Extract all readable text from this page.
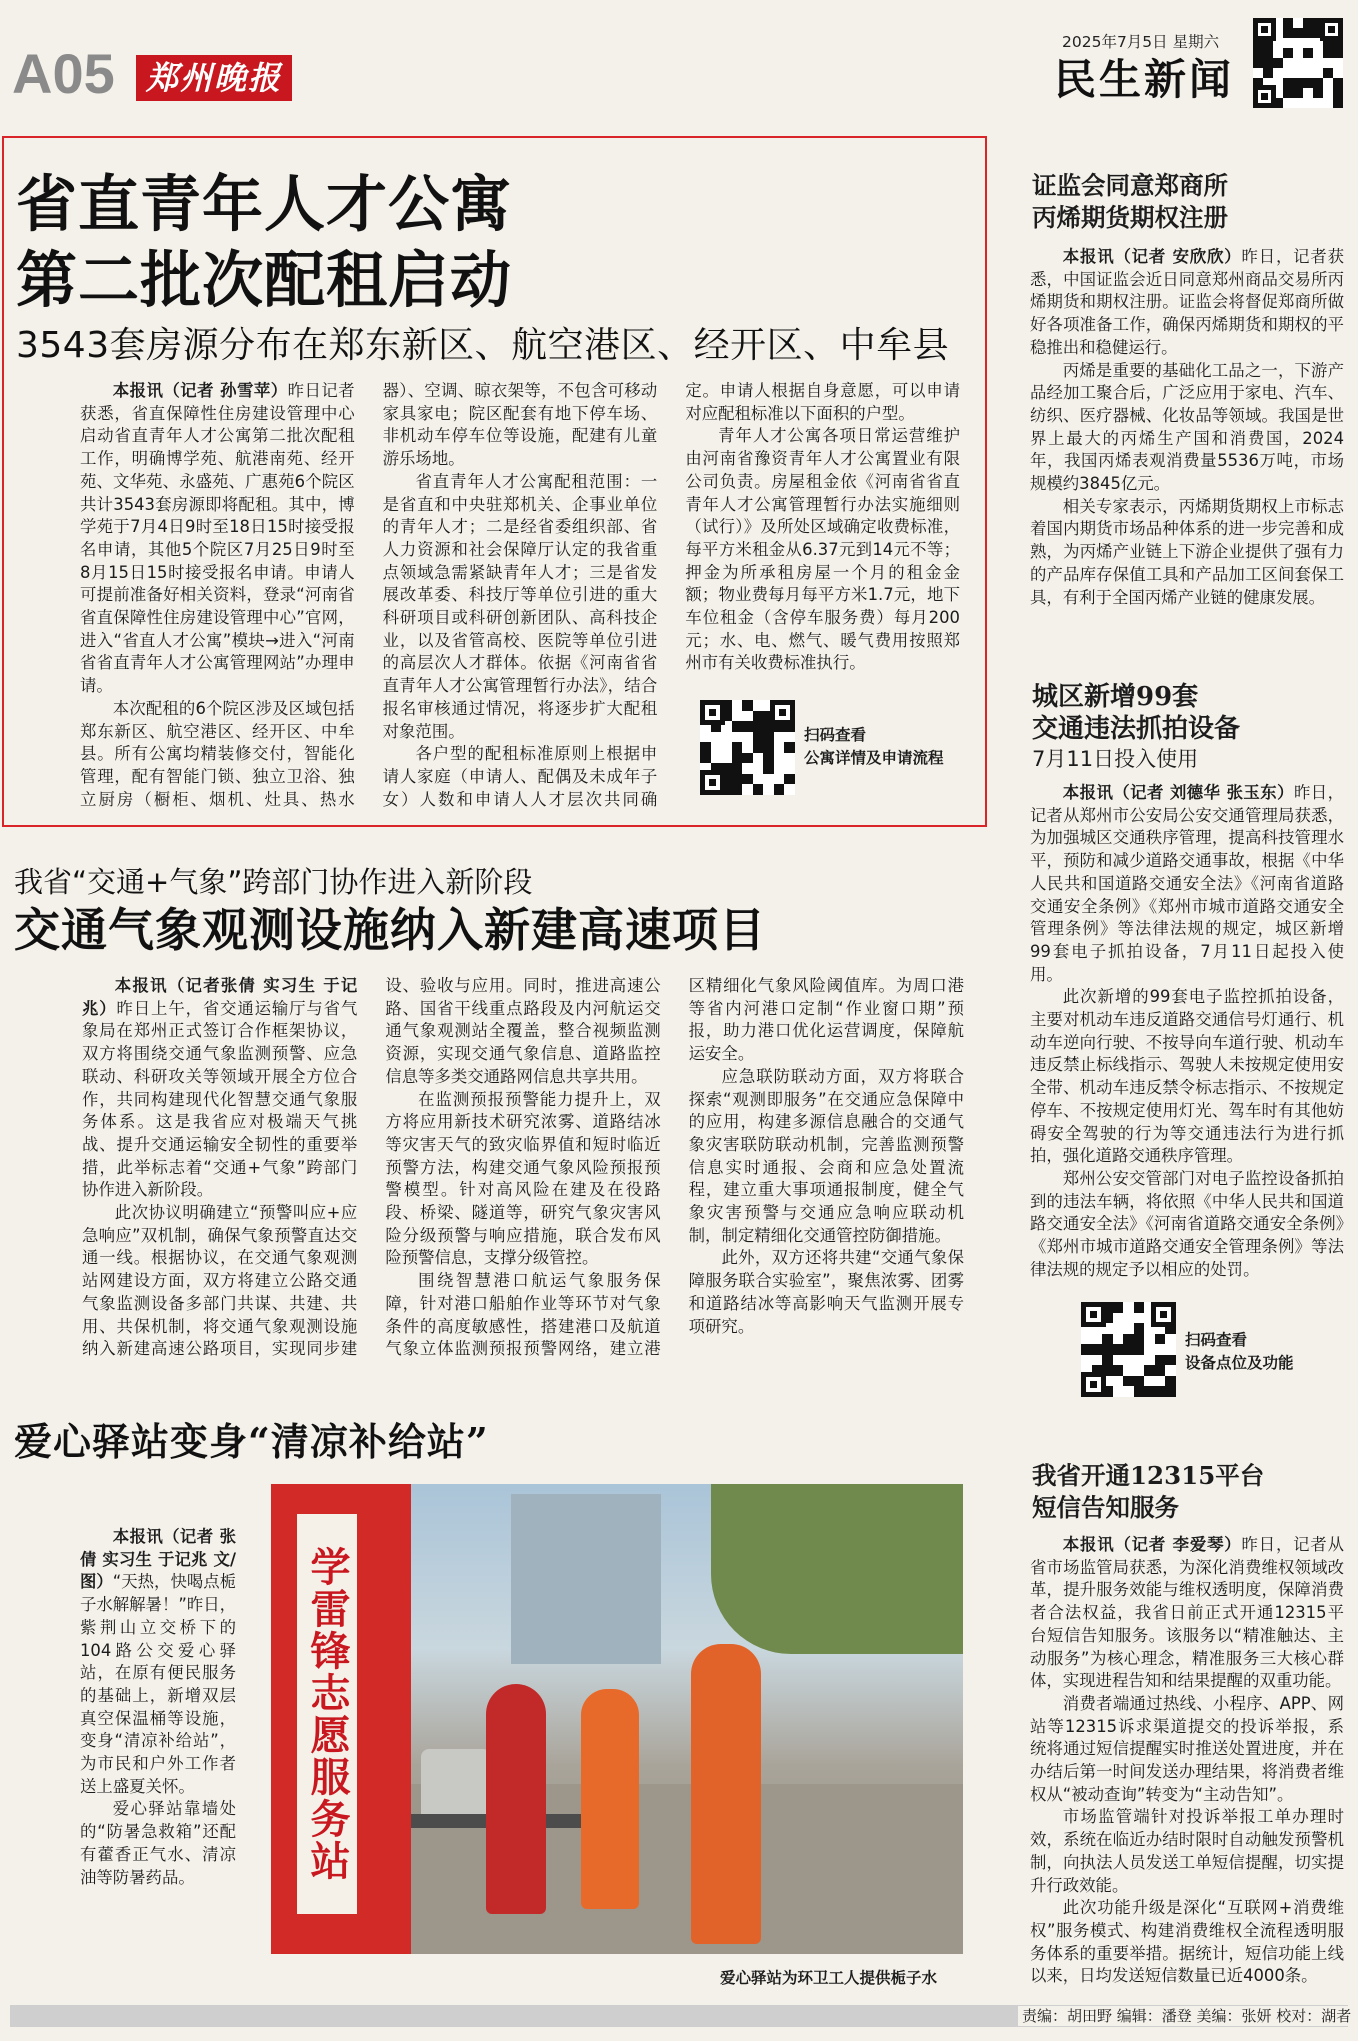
A05 郑州晚报
2025年7月5日 星期六
民生新闻
省直青年人才公寓
第二批次配租启动
3543套房源分布在郑东新区、航空港区、经开区、中牟县

本报讯（记者 孙雪苹）昨日记者获悉，省直保障性住房建设管理中心启动省直青年人才公寓第二批次配租工作，明确博学苑、航港南苑、经开苑、文华苑、永盛苑、广惠苑6个院区共计3543套房源即将配租。其中，博学苑于7月4日9时至18日15时接受报名申请，其他5个院区7月25日9时至8月15日15时接受报名申请。申请人可提前准备好相关资料，登录“河南省省直保障性住房建设管理中心”官网，进入“省直人才公寓”模块→进入“河南省省直青年人才公寓管理网站”办理申请。

本次配租的6个院区涉及区域包括郑东新区、航空港区、经开区、中牟县。所有公寓均精装修交付，智能化管理，配有智能门锁、独立卫浴、独立厨房（橱柜、烟机、灶具、热水器）、空调、晾衣架等，不包含可移动家具家电；院区配套有地下停车场、非机动车停车位等设施，配建有儿童游乐场地。

省直青年人才公寓配租范围：一是省直和中央驻郑机关、企事业单位的青年人才；二是经省委组织部、省人力资源和社会保障厅认定的我省重点领域急需紧缺青年人才；三是省发展改革委、科技厅等单位引进的重大科研项目或科研创新团队、高科技企业，以及省管高校、医院等单位引进的高层次人才群体。依据《河南省省直青年人才公寓管理暂行办法》，结合报名审核通过情况，将逐步扩大配租对象范围。

各户型的配租标准原则上根据申请人家庭（申请人、配偶及未成年子女）人数和申请人人才层次共同确定。申请人根据自身意愿，可以申请对应配租标准以下面积的户型。

青年人才公寓各项日常运营维护由河南省豫资青年人才公寓置业有限公司负责。房屋租金依《河南省省直青年人才公寓管理暂行办法实施细则（试行）》及所处区域确定收费标准，每平方米租金从6.37元到14元不等；押金为所承租房屋一个月的租金金额；物业费每月每平方米1.7元，地下车位租金（含停车服务费）每月200元；水、电、燃气、暖气费用按照郑州市有关收费标准执行。

扫码查看
公寓详情及申请流程
我省“交通+气象”跨部门协作进入新阶段
交通气象观测设施纳入新建高速项目

本报讯（记者张倩 实习生 于记兆）昨日上午，省交通运输厅与省气象局在郑州正式签订合作框架协议，双方将围绕交通气象监测预警、应急联动、科研攻关等领域开展全方位合作，共同构建现代化智慧交通气象服务体系。这是我省应对极端天气挑战、提升交通运输安全韧性的重要举措，此举标志着“交通+气象”跨部门协作进入新阶段。

此次协议明确建立“预警叫应+应急响应”双机制，确保气象预警直达交通一线。根据协议，在交通气象观测站网建设方面，双方将建立公路交通气象监测设备多部门共谋、共建、共用、共保机制，将交通气象观测设施纳入新建高速公路项目，实现同步建设、验收与应用。同时，推进高速公路、国省干线重点路段及内河航运交通气象观测站全覆盖，整合视频监测资源，实现交通气象信息、道路监控信息等多类交通路网信息共享共用。

在监测预报预警能力提升上，双方将应用新技术研究浓雾、道路结冰等灾害天气的致灾临界值和短时临近预警方法，构建交通气象风险预报预警模型。针对高风险在建及在役路段、桥梁、隧道等，研究气象灾害风险分级预警与响应措施，联合发布风险预警信息，支撑分级管控。

围绕智慧港口航运气象服务保障，针对港口船舶作业等环节对气象条件的高度敏感性，搭建港口及航道气象立体监测预报预警网络，建立港区精细化气象风险阈值库。为周口港等省内河港口定制“作业窗口期”预报，助力港口优化运营调度，保障航运安全。

应急联防联动方面，双方将联合探索“观测即服务”在交通应急保障中的应用，构建多源信息融合的交通气象灾害联防联动机制，完善监测预警信息实时通报、会商和应急处置流程，建立重大事项通报制度，健全气象灾害预警与交通应急响应联动机制，制定精细化交通管控防御措施。

此外，双方还将共建“交通气象保障服务联合实验室”，聚焦浓雾、团雾和道路结冰等高影响天气监测开展专项研究。

爱心驿站变身“清凉补给站”

本报讯（记者 张倩 实习生 于记兆 文/图）“天热，快喝点栀子水解解暑！”昨日，紫荆山立交桥下的104路公交爱心驿站，在原有便民服务的基础上，新增双层真空保温桶等设施，变身“清凉补给站”，为市民和户外工作者送上盛夏关怀。

爱心驿站靠墙处的“防暑急救箱”还配有藿香正气水、清凉油等防暑药品。	学雷锋志愿服务站
爱心驿站为环卫工人提供栀子水
证监会同意郑商所
丙烯期货期权注册

本报讯（记者 安欣欣）昨日，记者获悉，中国证监会近日同意郑州商品交易所丙烯期货和期权注册。证监会将督促郑商所做好各项准备工作，确保丙烯期货和期权的平稳推出和稳健运行。

丙烯是重要的基础化工品之一，下游产品经加工聚合后，广泛应用于家电、汽车、纺织、医疗器械、化妆品等领域。我国是世界上最大的丙烯生产国和消费国，2024年，我国丙烯表观消费量5536万吨，市场规模约3845亿元。

相关专家表示，丙烯期货期权上市标志着国内期货市场品种体系的进一步完善和成熟，为丙烯产业链上下游企业提供了强有力的产品库存保值工具和产品加工区间套保工具，有利于全国丙烯产业链的健康发展。

城区新增99套
交通违法抓拍设备
7月11日投入使用

本报讯（记者 刘德华 张玉东）昨日，记者从郑州市公安局公安交通管理局获悉，为加强城区交通秩序管理，提高科技管理水平，预防和减少道路交通事故，根据《中华人民共和国道路交通安全法》《河南省道路交通安全条例》《郑州市城市道路交通安全管理条例》等法律法规的规定，城区新增99套电子抓拍设备，7月11日起投入使用。

此次新增的99套电子监控抓拍设备，主要对机动车违反道路交通信号灯通行、机动车逆向行驶、不按导向车道行驶、机动车违反禁止标线指示、驾驶人未按规定使用安全带、机动车违反禁令标志指示、不按规定停车、不按规定使用灯光、驾车时有其他妨碍安全驾驶的行为等交通违法行为进行抓拍，强化道路交通秩序管理。

郑州公安交管部门对电子监控设备抓拍到的违法车辆，将依照《中华人民共和国道路交通安全法》《河南省道路交通安全条例》《郑州市城市道路交通安全管理条例》等法律法规的规定予以相应的处罚。

扫码查看
设备点位及功能
我省开通12315平台
短信告知服务

本报讯（记者 李爱琴）昨日，记者从省市场监管局获悉，为深化消费维权领域改革，提升服务效能与维权透明度，保障消费者合法权益，我省日前正式开通12315平台短信告知服务。该服务以“精准触达、主动服务”为核心理念，精准服务三大核心群体，实现进程告知和结果提醒的双重功能。

消费者端通过热线、小程序、APP、网站等12315诉求渠道提交的投诉举报，系统将通过短信提醒实时推送处置进度，并在办结后第一时间发送办理结果，将消费者维权从“被动查询”转变为“主动告知”。

市场监管端针对投诉举报工单办理时效，系统在临近办结时限时自动触发预警机制，向执法人员发送工单短信提醒，切实提升行政效能。

此次功能升级是深化“互联网+消费维权”服务模式、构建消费维权全流程透明服务体系的重要举措。据统计，短信功能上线以来，日均发送短信数量已近4000条。

责编：胡田野 编辑：潘登 美编：张妍 校对：湖者
